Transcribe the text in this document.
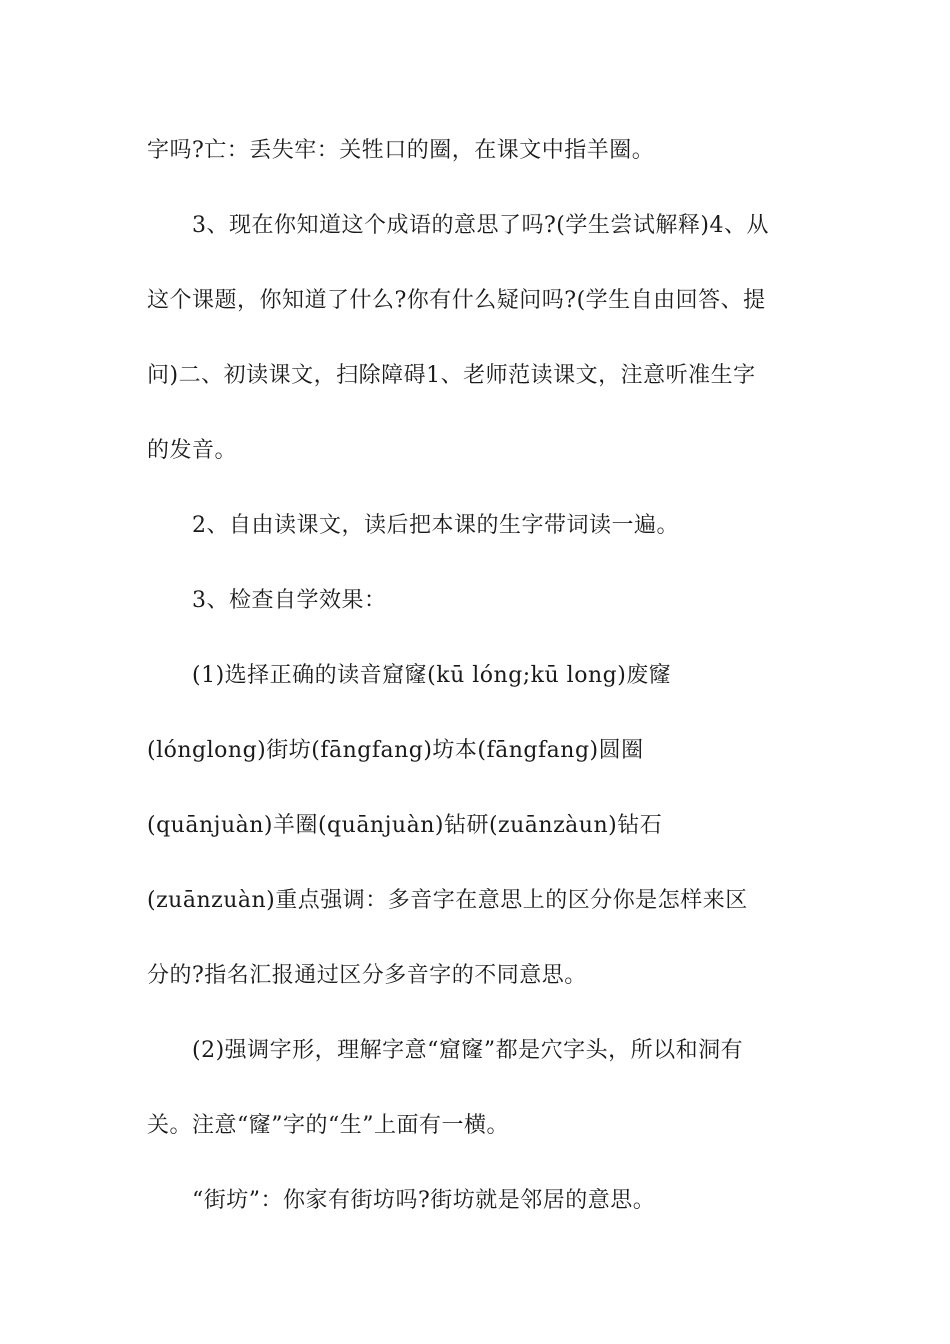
字吗?亡：丢失牢：关牲口的圈，在课文中指羊圈。
3、现在你知道这个成语的意思了吗?(学生尝试解释)4、从
这个课题，你知道了什么?你有什么疑问吗?(学生自由回答、提
问)二、初读课文，扫除障碍1、老师范读课文，注意听准生字
的发音。
2、自由读课文，读后把本课的生字带词读一遍。
3、检查自学效果：
(1)选择正确的读音窟窿(kū lóng;kū long)废窿
(lónglong)街坊(fāngfang)坊本(fāngfang)圆圈
(quānjuàn)羊圈(quānjuàn)钻研(zuānzàun)钻石
(zuānzuàn)重点强调：多音字在意思上的区分你是怎样来区
分的?指名汇报通过区分多音字的不同意思。
(2)强调字形，理解字意“窟窿”都是穴字头，所以和洞有
关。注意“窿”字的“生”上面有一横。
“街坊”：你家有街坊吗?街坊就是邻居的意思。
